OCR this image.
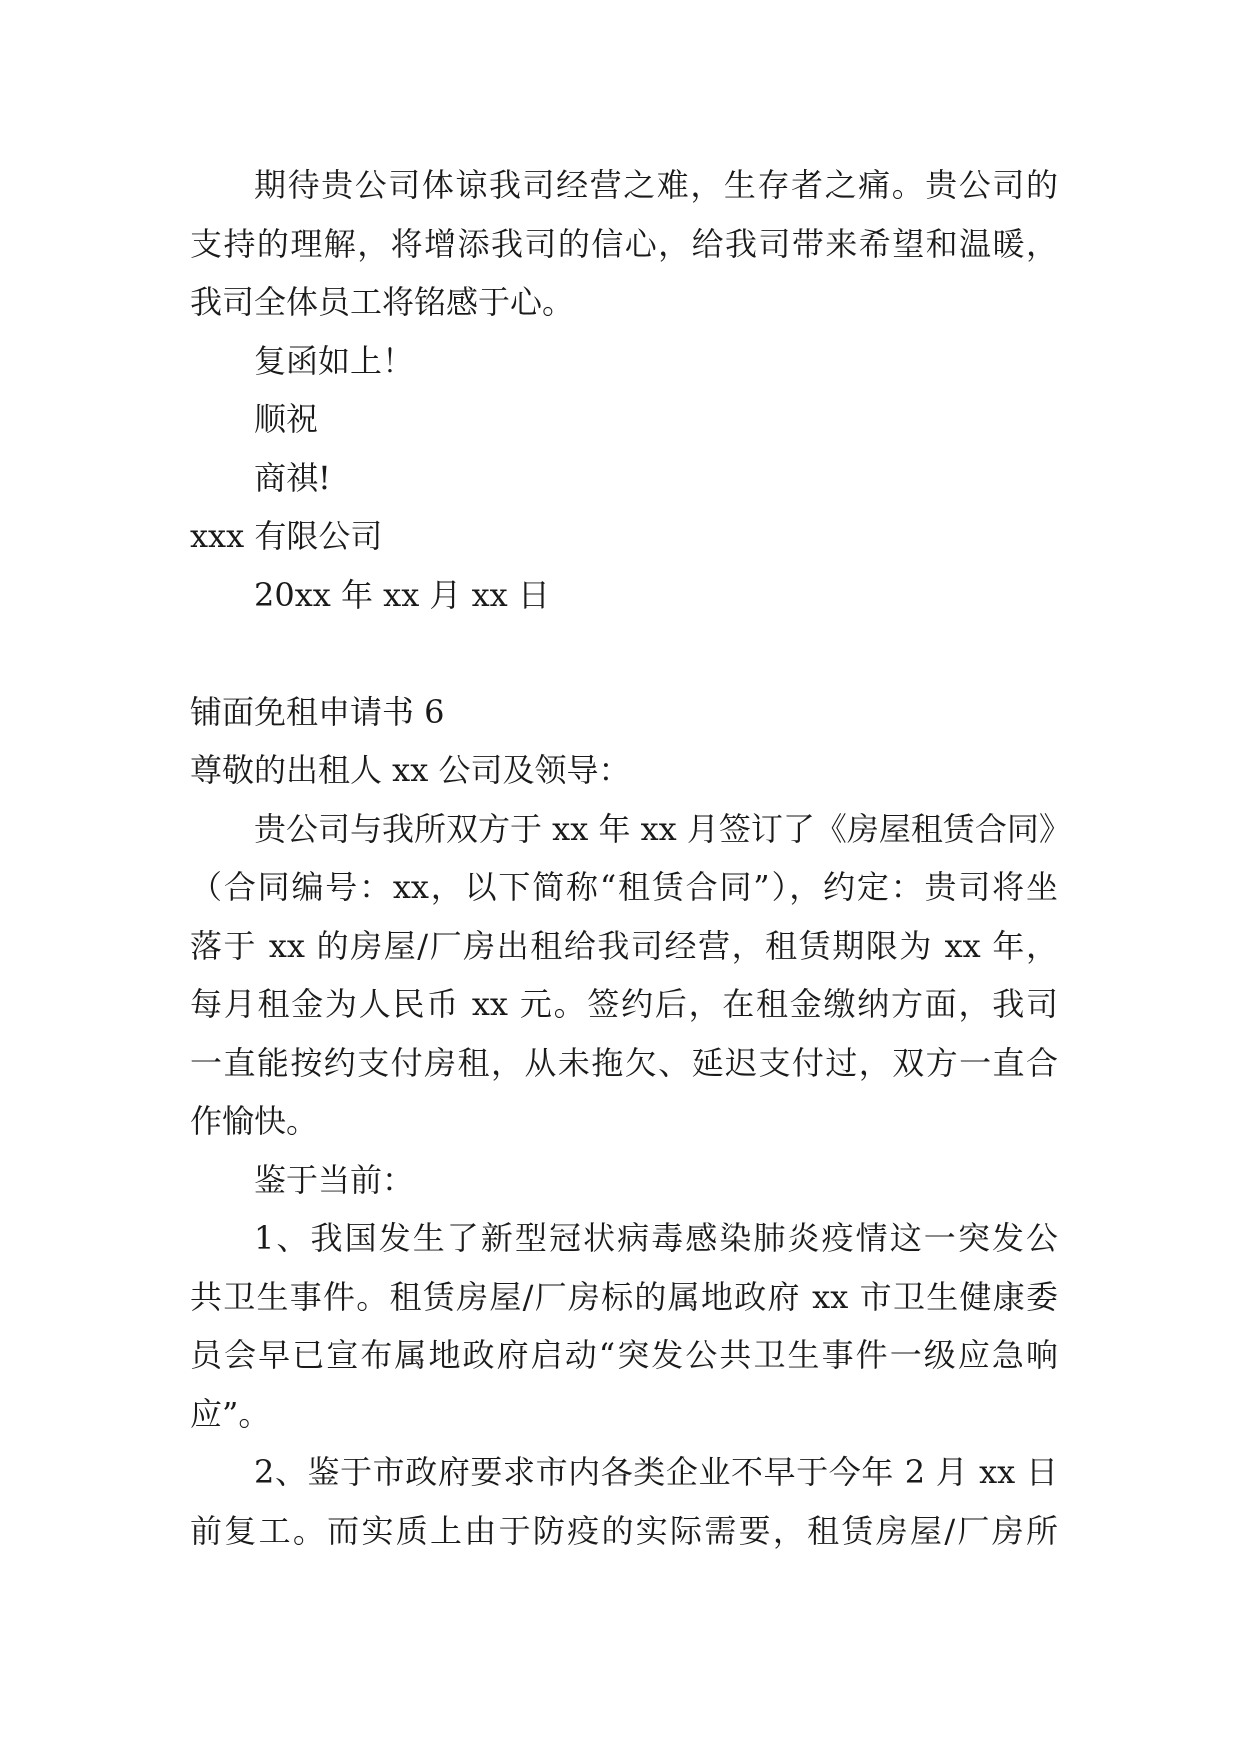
期待贵公司体谅我司经营之难，生存者之痛。贵公司的
支持的理解，将增添我司的信心，给我司带来希望和温暖，
我司全体员工将铭感于心。
复函如上！
顺祝
商祺!
xxx 有限公司
20xx 年 xx 月 xx 日
铺面免租申请书 6
尊敬的出租人 xx 公司及领导：
贵公司与我所双方于 xx 年 xx 月签订了《房屋租赁合同》
（合同编号：xx，以下简称“租赁合同”），约定：贵司将坐
落于 xx 的房屋/厂房出租给我司经营，租赁期限为 xx 年，
每月租金为人民币 xx 元。签约后，在租金缴纳方面，我司
一直能按约支付房租，从未拖欠、延迟支付过，双方一直合
作愉快。
鉴于当前：
1、我国发生了新型冠状病毒感染肺炎疫情这一突发公
共卫生事件。租赁房屋/厂房标的属地政府 xx 市卫生健康委
员会早已宣布属地政府启动“突发公共卫生事件一级应急响
应”。
2、鉴于市政府要求市内各类企业不早于今年 2 月 xx 日
前复工。而实质上由于防疫的实际需要，租赁房屋/厂房所
